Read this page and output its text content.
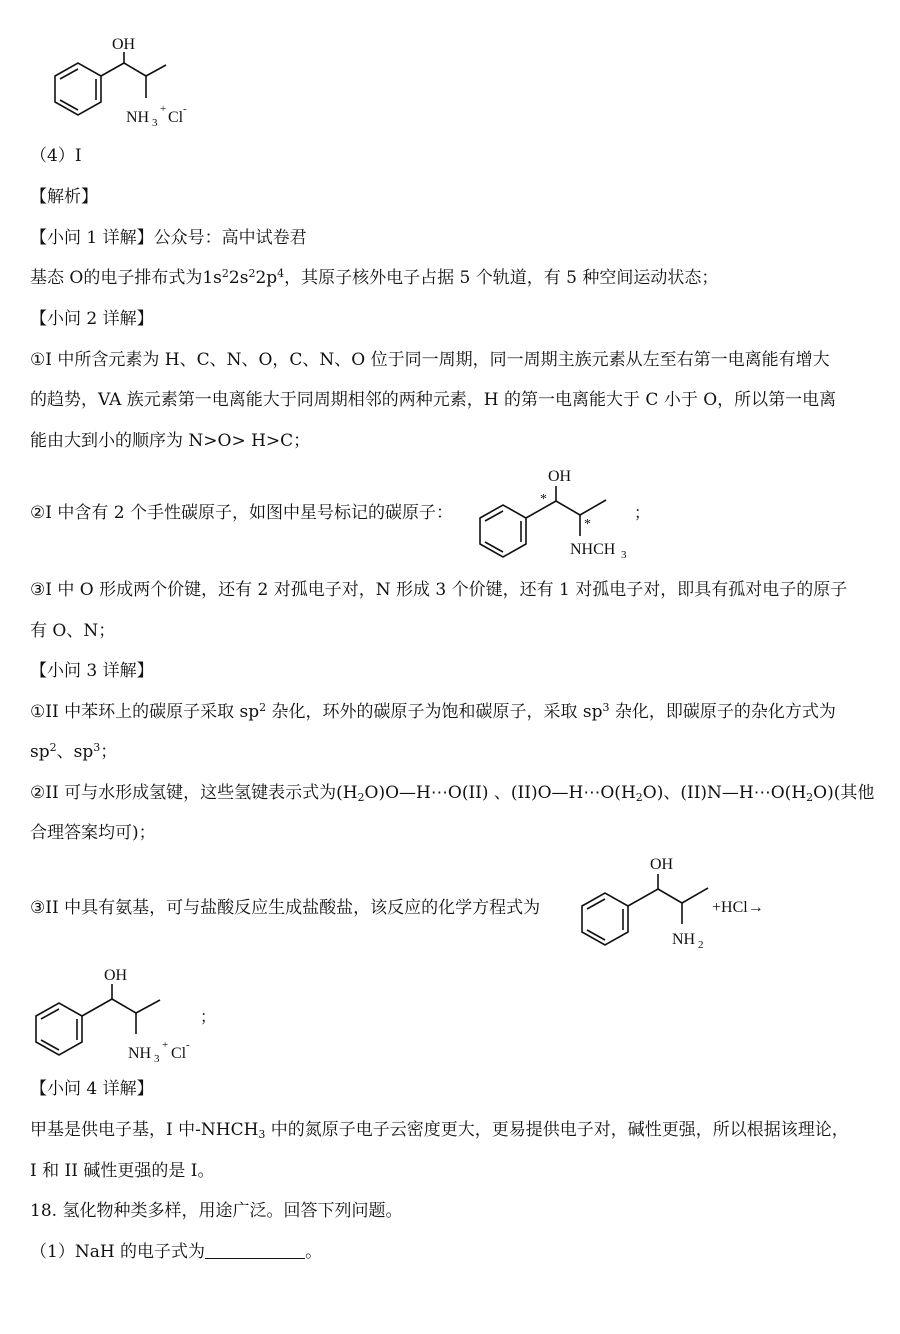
OH
NH 3
+ Cl -
（4）I
【解析】
【小问 1 详解】公众号：高中试卷君
基态 O的电子排布式为$1s^22s^22p^4$，其原子核外电子占据 5 个轨道，有 5 种空间运动状态；
【小问 2 详解】
①I 中所含元素为 H、C、N、O，C、N、O 位于同一周期，同一周期主族元素从左至右第一电离能有增大
的趋势，VA 族元素第一电离能大于同周期相邻的两种元素，H 的第一电离能大于 C 小于 O，所以第一电离
能由大到小的顺序为 N>O> H>C；
②I 中含有 2 个手性碳原子，如图中星号标记的碳原子：
OH
*
*
NHCH 3
；
③I 中 O 形成两个价键，还有 2 对孤电子对，N 形成 3 个价键，还有 1 对孤电子对，即具有孤对电子的原子
有 O、N；
【小问 3 详解】
①II 中苯环上的碳原子采取 $sp^2$ 杂化，环外的碳原子为饱和碳原子，采取 $sp^3$ 杂化，即碳原子的杂化方式为
$sp^2$、$sp^3$；
②II 可与水形成氢键，这些氢键表示式为$(H_2O)O—H\cdots O(II)$ 、$(II)O—H\cdots O(H_2O)$、$(II)N—H\cdots O(H_2O)$(其他
合理答案均可)；
③II 中具有氨基，可与盐酸反应生成盐酸盐，该反应的化学方程式为
OH
NH 2
+HCl→
OH
NH 3
+ Cl -
；
【小问 4 详解】
甲基是供电子基，I 中$-NHCH_3$ 中的氮原子电子云密度更大，更易提供电子对，碱性更强，所以根据该理论，
I 和 II 碱性更强的是 I。
18. 氢化物种类多样，用途广泛。回答下列问题。
（1）NaH 的电子式为	。
